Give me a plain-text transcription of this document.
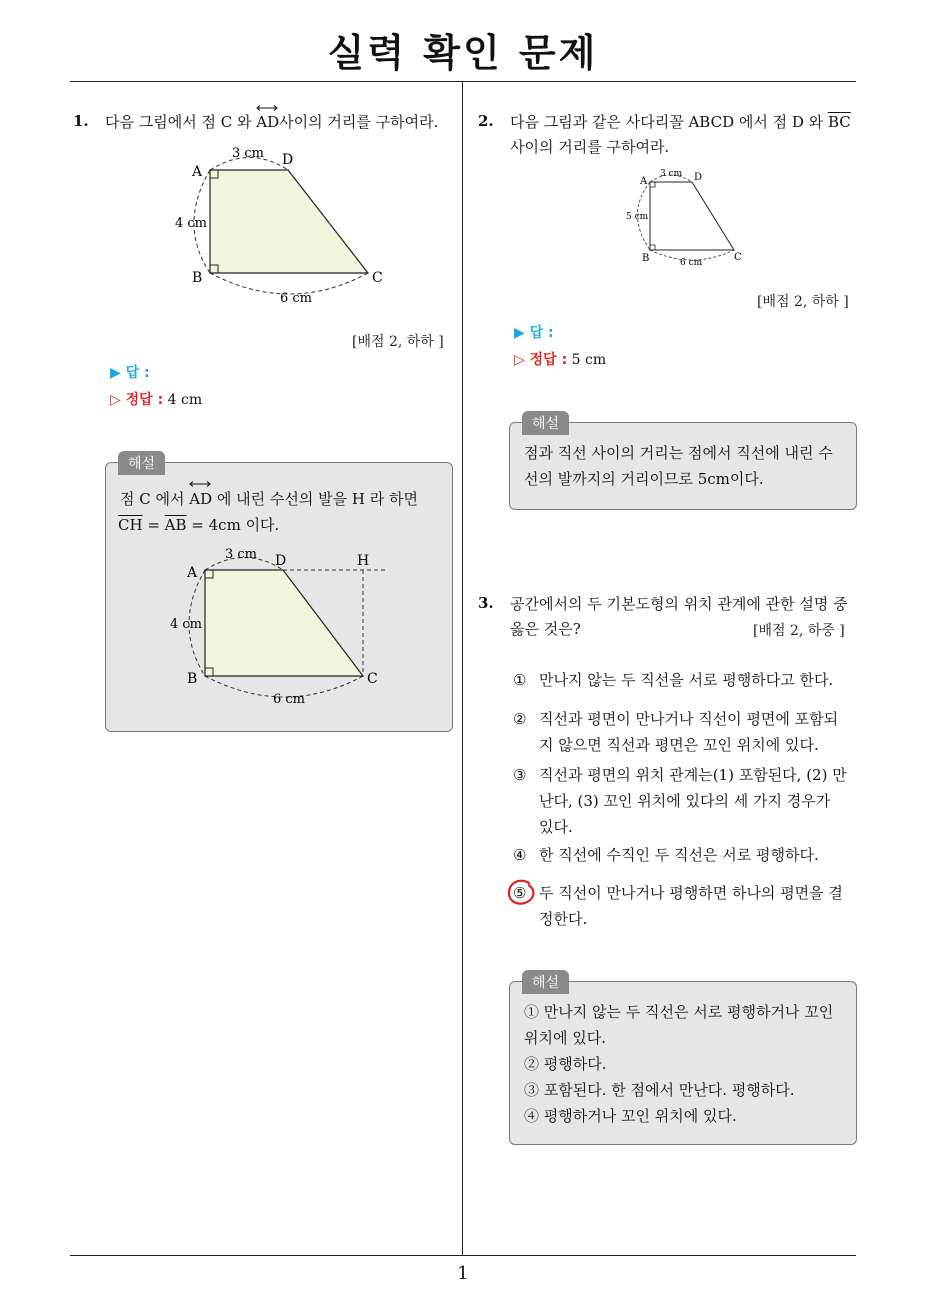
실력 확인 문제
1. 다음 그림에서 점 C 와 AD사이의 거리를 구하여라.
A
D
B	C
3 cm
4 cm
6 cm
[배점 2, 하하 ]
▶ 답 :
▷ 정답 : 4 cm
해설
점 C 에서 AD 에 내린 수선의 발을 H 라 하면
$\overline{CH} = \overline{AB} = 4cm$ 이다.
A
D	H
B	C
3 cm
4 cm
6 cm
2. 다음 그림과 같은 사다리꼴 ABCD 에서 점 D 와 $\overline{BC}$
사이의 거리를 구하여라.
A	D
B	C
3 cm
5 cm
6 cm
[배점 2, 하하 ]
▶ 답 :
▷ 정답 : 5 cm
해설
점과 직선 사이의 거리는 점에서 직선에 내린 수
선의 발까지의 거리이므로 5cm이다.
3. 공간에서의 두 기본도형의 위치 관계에 관한 설명 중
옳은 것은?	[배점 2, 하중 ]
① 만나지 않는 두 직선을 서로 평행하다고 한다.
② 직선과 평면이 만나거나 직선이 평면에 포함되
지 않으면 직선과 평면은 꼬인 위치에 있다.
③ 직선과 평면의 위치 관계는(1) 포함된다, (2) 만
난다, (3) 꼬인 위치에 있다의 세 가지 경우가
있다.
④ 한 직선에 수직인 두 직선은 서로 평행하다.
⑤ 두 직선이 만나거나 평행하면 하나의 평면을 결
정한다.
해설
① 만나지 않는 두 직선은 서로 평행하거나 꼬인
위치에 있다.
② 평행하다.
③ 포함된다. 한 점에서 만난다. 평행하다.
④ 평행하거나 꼬인 위치에 있다.
1
